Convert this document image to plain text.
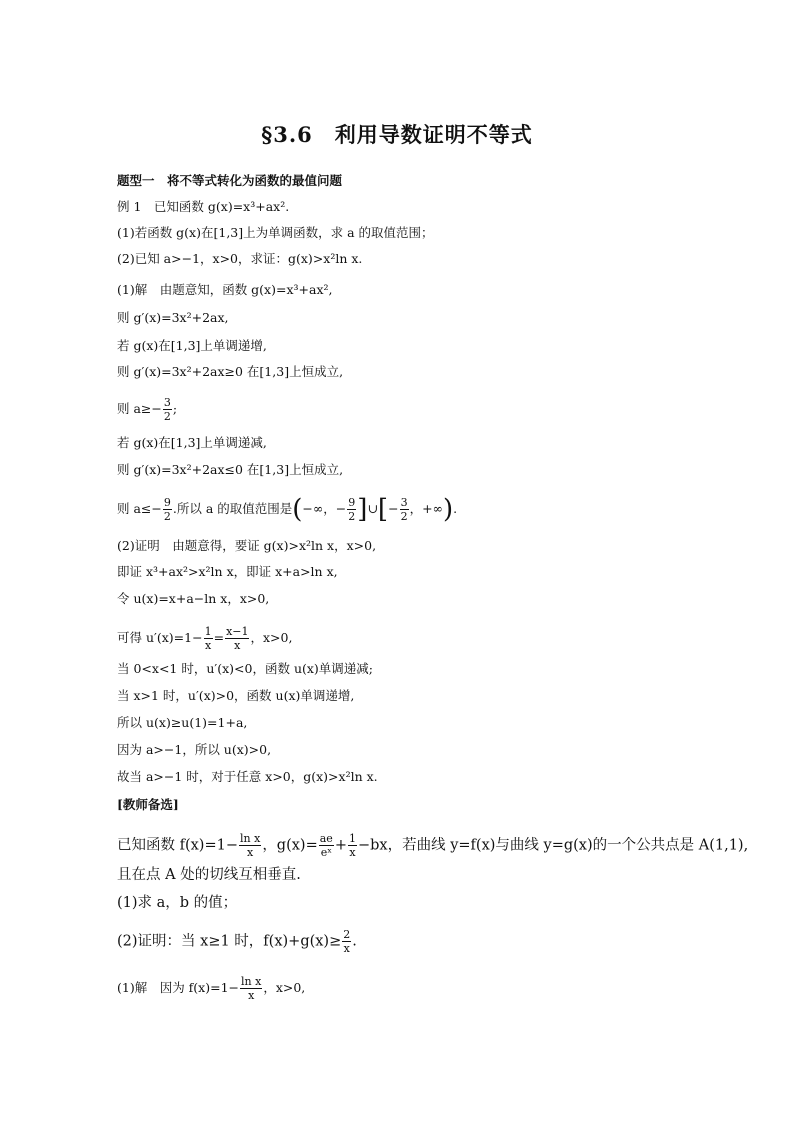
§3.6　利用导数证明不等式
题型一　将不等式转化为函数的最值问题
例 1　已知函数 g(x)=x³+ax².
(1)若函数 g(x)在[1,3]上为单调函数，求 a 的取值范围；
(2)已知 a>−1，x>0，求证：g(x)>x²ln x.
(1)解　由题意知，函数 g(x)=x³+ax²,
则 g′(x)=3x²+2ax,
若 g(x)在[1,3]上单调递增,
则 g′(x)=3x²+2ax≥0 在[1,3]上恒成立,
则 $a\ge- \frac{3}{2}$ ;
若 g(x)在[1,3]上单调递减,
则 g′(x)=3x²+2ax≤0 在[1,3]上恒成立,
则 $a\le- \frac{9}{2}$ .所以 a 的取值范围是(−∞，− $\frac{9}{2}$ ]∪[− $\frac{3}{2}$ ，+∞).
(2)证明　由题意得，要证 g(x)>x²ln x，x>0,
即证 x³+ax²>x²ln x，即证 x+a>ln x,
令 u(x)=x+a−ln x，x>0,
可得 $u'(x)=1- \frac{1}{x} = \frac{x-1}{x}$ ，x>0,
当 0<x<1 时，u′(x)<0，函数 u(x)单调递减;
当 x>1 时，u′(x)>0，函数 u(x)单调递增,
所以 u(x)≥u(1)=1+a,
因为 a>−1，所以 u(x)>0,
故当 a>−1 时，对于任意 x>0，g(x)>x²ln x.
[教师备选]
已知函数 $f(x)=1- \frac{\text{ln x}}{x}$ ，$g(x)= \frac{ae}{\text{eˣ}} + \frac{1}{x} -bx$，若曲线 y=f(x)与曲线 y=g(x)的一个公共点是 A(1,1),
且在点 A 处的切线互相垂直.
(1)求 a，b 的值；
(2)证明：当 x≥1 时，$f(x)+g(x)\ge \frac{2}{x}$ .
(1)解　因为 $f(x)=1- \frac{\text{ln x}}{x}$ ，x>0,
